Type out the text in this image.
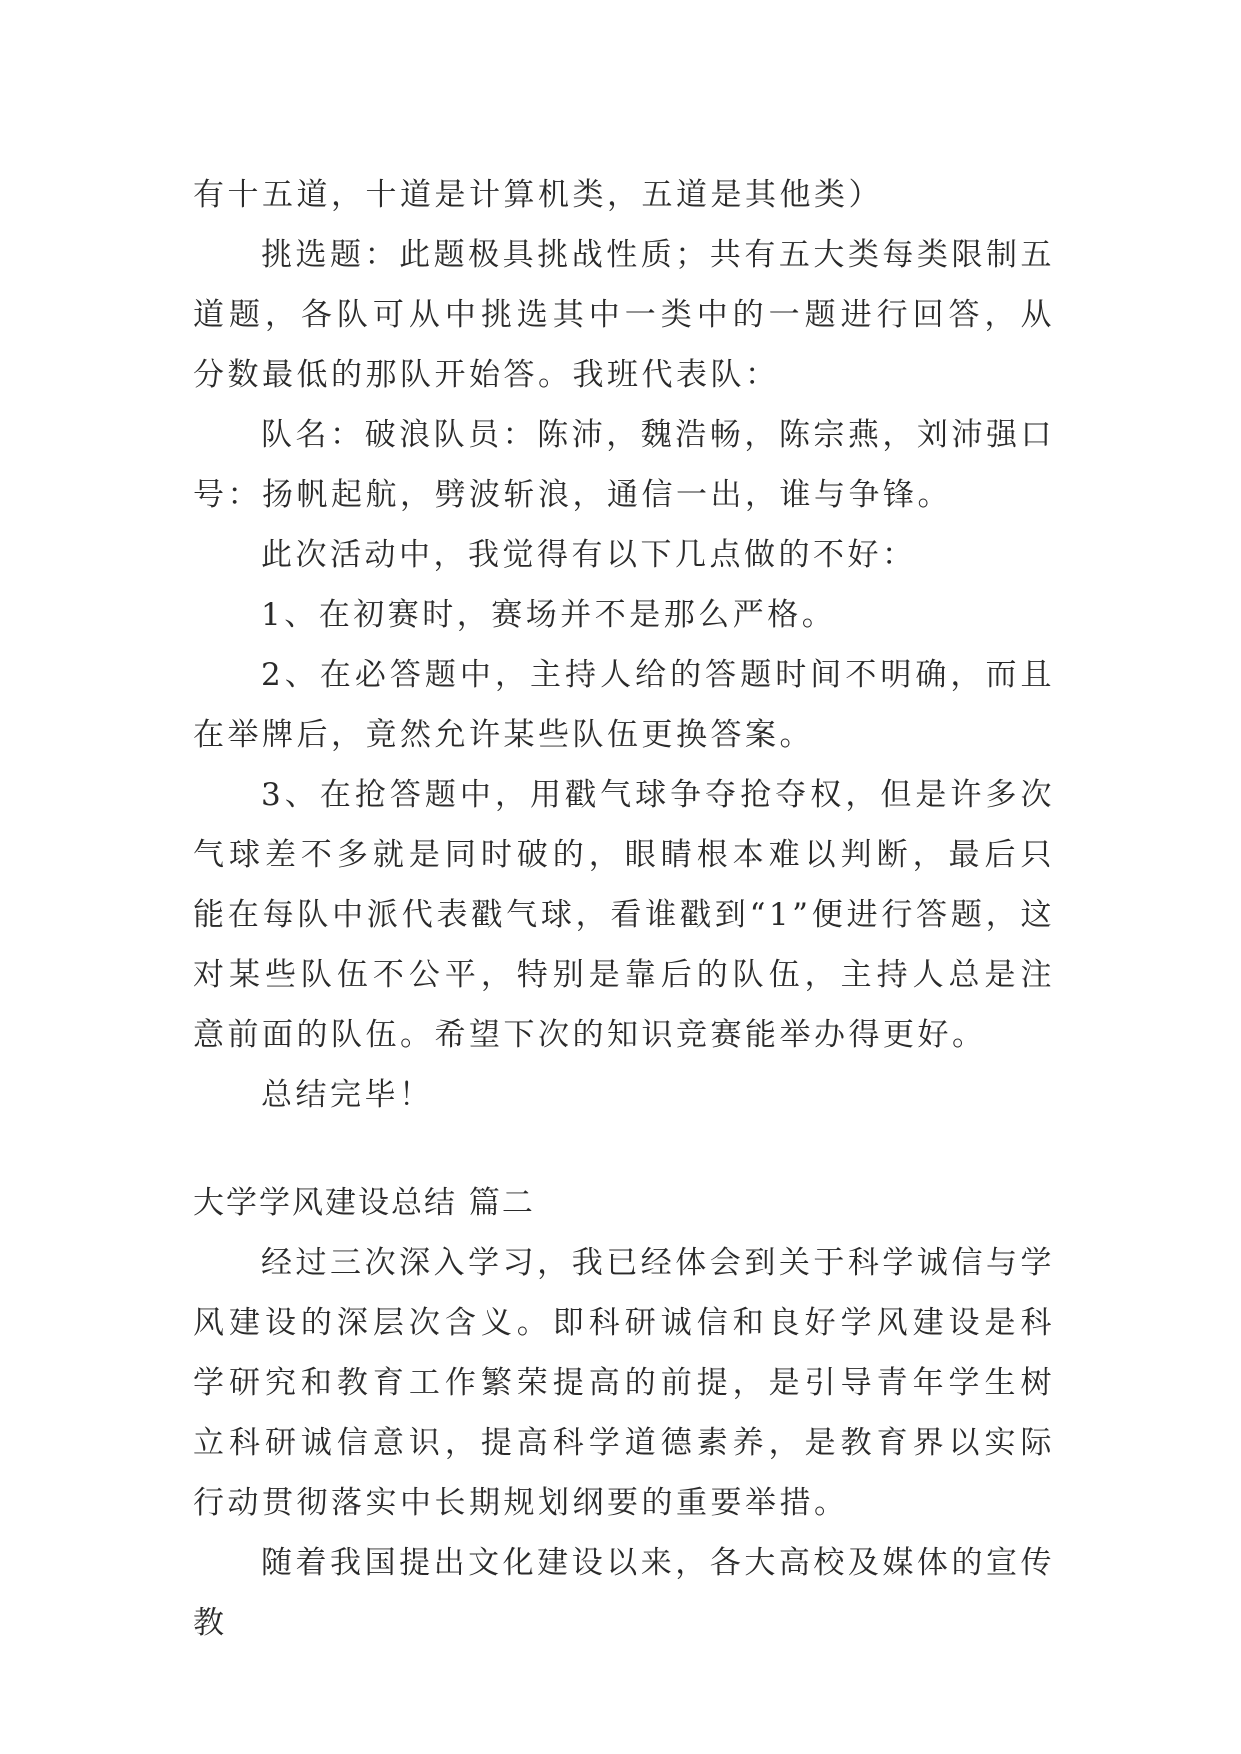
有十五道，十道是计算机类，五道是其他类）

挑选题：此题极具挑战性质；共有五大类每类限制五道题，各队可从中挑选其中一类中的一题进行回答，从分数最低的那队开始答。我班代表队：

队名：破浪队员：陈沛，魏浩畅，陈宗燕，刘沛强口号：扬帆起航，劈波斩浪，通信一出，谁与争锋。

此次活动中，我觉得有以下几点做的不好：

1、在初赛时，赛场并不是那么严格。

2、在必答题中，主持人给的答题时间不明确，而且在举牌后，竟然允许某些队伍更换答案。

3、在抢答题中，用戳气球争夺抢夺权，但是许多次气球差不多就是同时破的，眼睛根本难以判断，最后只能在每队中派代表戳气球，看谁戳到“1”便进行答题，这对某些队伍不公平，特别是靠后的队伍，主持人总是注意前面的队伍。希望下次的知识竞赛能举办得更好。

总结完毕！

大学学风建设总结 篇二

经过三次深入学习，我已经体会到关于科学诚信与学风建设的深层次含义。即科研诚信和良好学风建设是科学研究和教育工作繁荣提高的前提，是引导青年学生树立科研诚信意识，提高科学道德素养，是教育界以实际行动贯彻落实中长期规划纲要的重要举措。

随着我国提出文化建设以来，各大高校及媒体的宣传教
